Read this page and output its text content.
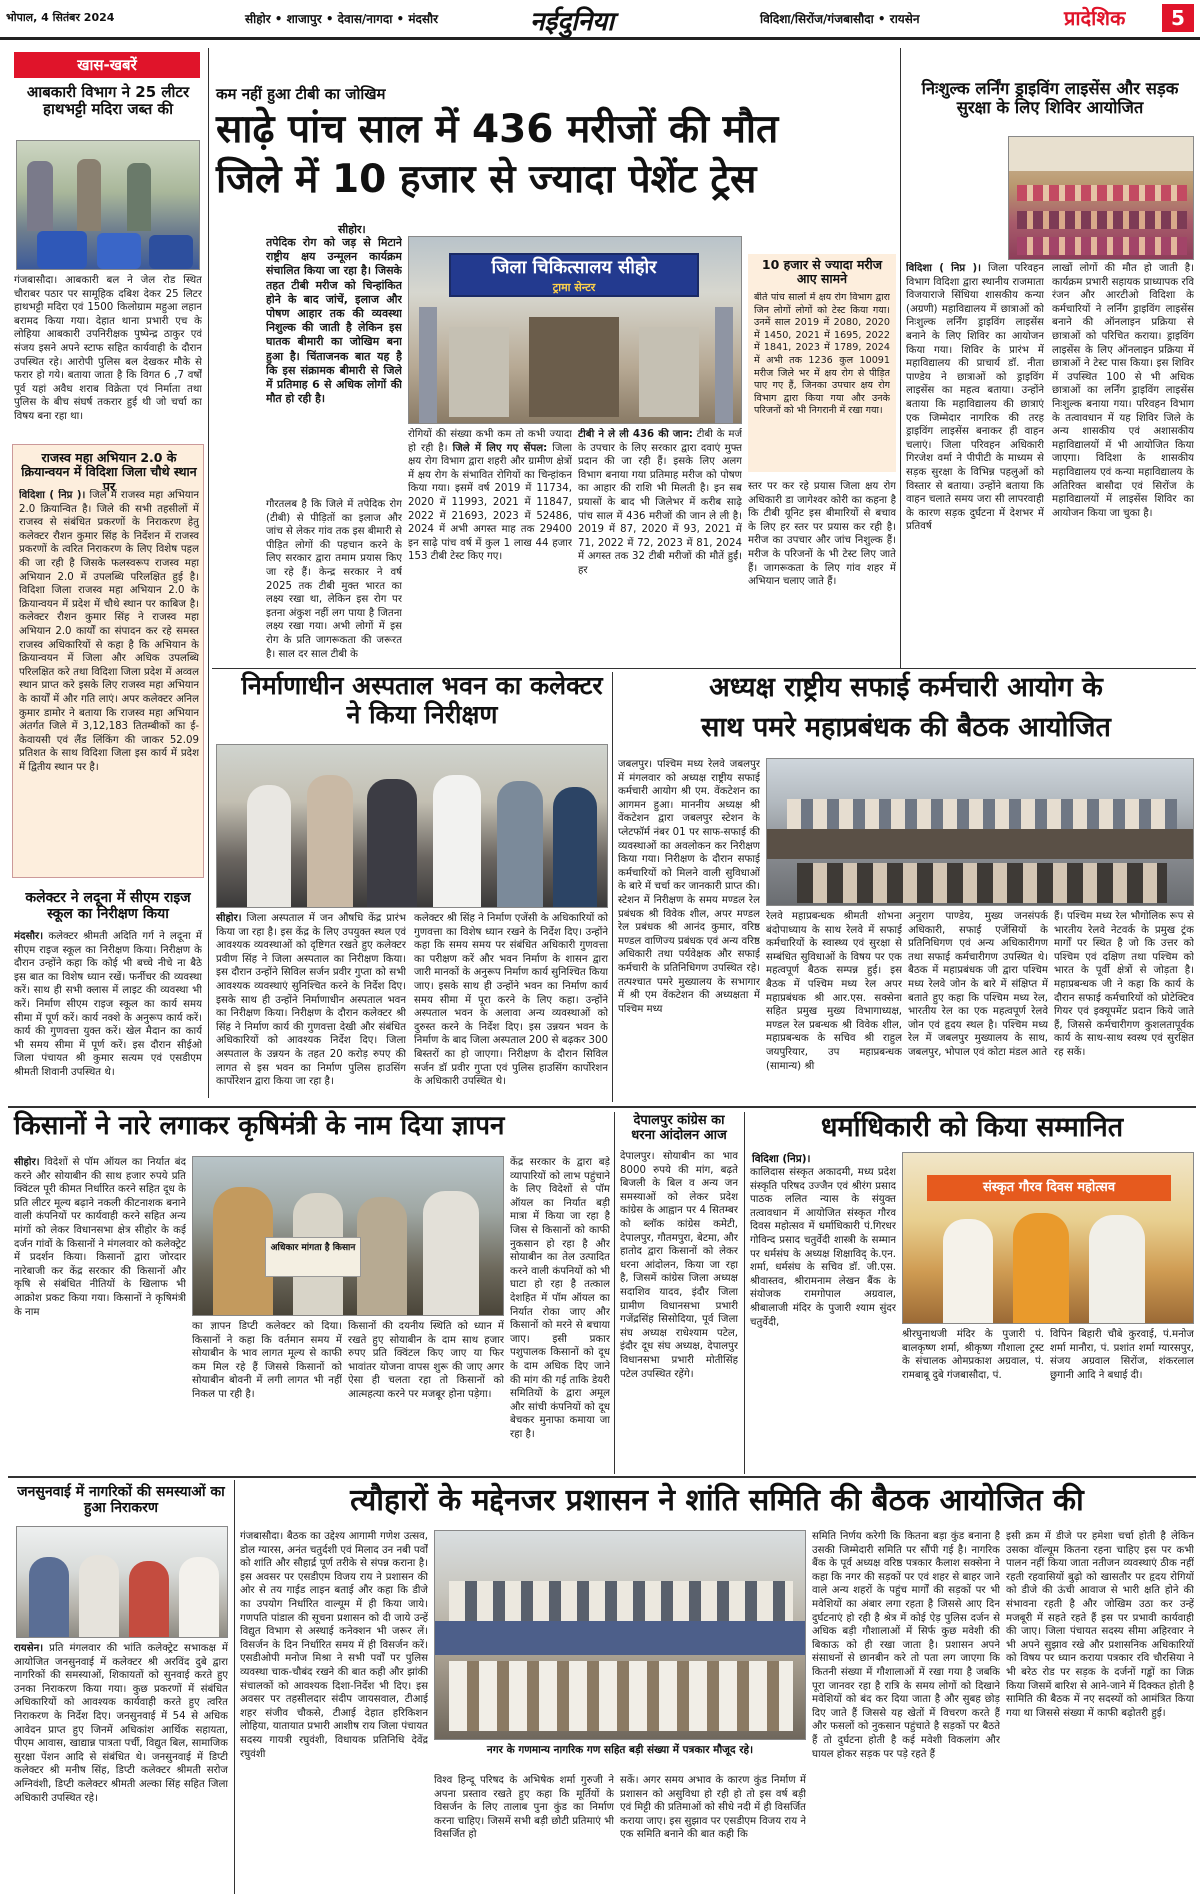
भोपाल, 4 सितंबर 2024	सीहोर • शाजापुर • देवास/नागदा • मंदसौर	नईदुनिया	विदिशा/सिरोंज/गंजबासौदा • रायसेन	प्रादेशिक	5
खास-खबरें
आबकारी विभाग ने 25 लीटर हाथभट्टी मदिरा जब्त की
गंजबासौदा। आबकारी बल ने जेल रोड स्थित चौराबर पठार पर सामूहिक दबिश देकर 25 लिटर हाथभट्टी मदिरा एवं 1500 किलोग्राम महुआ लहान बरामद किया गया। देहात थाना प्रभारी एच के लोहिया आबकारी उपनिरीक्षक पुष्पेन्द्र ठाकुर एवं संजय इसने अपने स्टाफ सहित कार्यवाही के दौरान उपस्थित रहे। आरोपी पुलिस बल देखकर मौके से फरार हो गये। बताया जाता है कि विगत 6 ,7 वर्षों पूर्व यहां अवैध शराब विक्रेता एवं निर्माता तथा पुलिस के बीच संघर्ष तकरार हुई थी जो चर्चा का विषय बना रहा था।
राजस्व महा अभियान 2.0 के क्रियान्वयन में विदिशा जिला चौथे स्थान पर
विदिशा ( निप्र )। जिले में राजस्व महा अभियान 2.0 क्रियान्वित है। जिले की सभी तहसीलों में राजस्व से संबंधित प्रकरणों के निराकरण हेतु कलेक्टर रौशन कुमार सिंह के निर्देशन में राजस्व प्रकरणों के त्वरित निराकरण के लिए विशेष पहल की जा रही है जिसके फलस्वरूप राजस्व महा अभियान 2.0 में उपलब्धि परिलक्षित हुई है। विदिशा जिला राजस्व महा अभियान 2.0 के क्रियान्वयन में प्रदेश में चौथे स्थान पर काबिज है। कलेक्टर रौशन कुमार सिंह ने राजस्व महा अभियान 2.0 कार्यों का संपादन कर रहे समस्त राजस्व अधिकारियों से कहा है कि अभियान के क्रियान्वयन में जिला और अधिक उपलब्धि परिलक्षित करे तथा विदिशा जिला प्रदेश में अव्वल स्थान प्राप्त करे इसके लिए राजस्व महा अभियान के कार्यों में और गति लाएं। अपर कलेक्टर अनिल कुमार डामोर ने बताया कि राजस्व महा अभियान अंतर्गत जिले में 3,12,183 तितम्बीकों का ई-केवायसी एवं लैंड लिंकिंग की जाकर 52.09 प्रतिशत के साथ विदिशा जिला इस कार्य में प्रदेश में द्वितीय स्थान पर है।
कलेक्टर ने लदूना में सीएम राइज स्कूल का निरीक्षण किया
मंदसौर। कलेक्टर श्रीमती अदिति गर्ग ने लदूना में सीएम राइज स्कूल का निरीक्षण किया। निरीक्षण के दौरान उन्होंने कहा कि कोई भी बच्चे नीचे ना बैठे इस बात का विशेष ध्यान रखें। फर्नीचर की व्यवस्था करें। साथ ही सभी क्लास में लाइट की व्यवस्था भी करें। निर्माण सीएम राइज स्कूल का कार्य समय सीमा में पूर्ण करें। कार्य नक्शे के अनुरूप कार्य करें। कार्य की गुणवत्ता युक्त करें। खेल मैदान का कार्य भी समय सीमा में पूर्ण करें। इस दौरान सीईओ जिला पंचायत श्री कुमार सत्यम एवं एसडीएम श्रीमती शिवानी उपस्थित थे।
कम नहीं हुआ टीबी का जोखिम
साढ़े पांच साल में 436 मरीजों की मौत
जिले में 10 हजार से ज्यादा पेशेंट ट्रेस
सीहोर।
तपेदिक रोग को जड़ से मिटाने राष्ट्रीय क्षय उन्मूलन कार्यक्रम संचालित किया जा रहा है। जिसके तहत टीबी मरीज को चिन्हांकित होने के बाद जांचें, इलाज और पोषण आहार तक की व्यवस्था निशुल्क की जाती है लेकिन इस घातक बीमारी का जोखिम बना हुआ है। चिंताजनक बात यह है कि इस संक्रामक बीमारी से जिले में प्रतिमाह 6 से अधिक लोगों की मौत हो रही है।
गौरतलब है कि जिले में तपेदिक रोग (टीबी) से पीड़ितों का इलाज और जांच से लेकर गांव तक इस बीमारी से पीड़ित लोगों की पहचान करने के लिए सरकार द्वारा तमाम प्रयास किए जा रहे हैं। केन्द्र सरकार ने वर्ष 2025 तक टीबी मुक्त भारत का लक्ष्य रखा था, लेकिन इस रोग पर इतना अंकुश नहीं लग पाया है जितना लक्ष्य रखा गया। अभी लोगों में इस रोग के प्रति जागरूकता की जरूरत है। साल दर साल टीबी के
जिला चिकित्सालय सीहोर
ट्रामा सेन्टर
रोगियों की संख्या कभी कम तो कभी ज्यादा हो रही है। जिले में लिए गए सेंपल: जिला क्षय रोग विभाग द्वारा शहरी और ग्रामीण क्षेत्रों में क्षय रोग के संभावित रोगियों का चिन्हांकन किया गया। इसमें वर्ष 2019 में 11734, 2020 में 11993, 2021 में 11847, 2022 में 21693, 2023 में 52486, 2024 में अभी अगस्त माह तक 29400 इन साढ़े पांच वर्ष में कुल 1 लाख 44 हजार 153 टीबी टेस्ट किए गए।
टीबी ने ले ली 436 की जान: टीबी के मर्ज के उपचार के लिए सरकार द्वारा दवाएं मुफ्त प्रदान की जा रही हैं। इसके लिए अलग विभाग बनाया गया प्रतिमाह मरीज को पोषण का आहार की राशि भी मिलती है। इन सब प्रयासों के बाद भी जिलेभर में करीब साढ़े पांच साल में 436 मरीजों की जान ले ली है। 2019 में 87, 2020 में 93, 2021 में 71, 2022 में 72, 2023 में 81, 2024 में अगस्त तक 32 टीबी मरीजों की मौतें हुईं। हर
10 हजार से ज्यादा मरीज आए सामने
बीते पांच सालों में क्षय रोग विभाग द्वारा जिन लोगों लोगों को टेस्ट किया गया। उनमें साल 2019 में 2080, 2020 में 1450, 2021 में 1695, 2022 में 1841, 2023 में 1789, 2024 में अभी तक 1236 कुल 10091 मरीज जिले भर में क्षय रोग से पीड़ित पाए गए हैं, जिनका उपचार क्षय रोग विभाग द्वारा किया गया और उनके परिजनों को भी निगरानी में रखा गया।
स्तर पर कर रहे प्रयास जिला क्षय रोग अधिकारी डा जागेश्वर कोरी का कहना है कि टीबी यूनिट इस बीमारियों से बचाव के लिए हर स्तर पर प्रयास कर रही है। मरीज का उपचार और जांच निशुल्क हैं। मरीज के परिजनों के भी टेस्ट लिए जाते हैं। जागरूकता के लिए गांव शहर में अभियान चलाए जाते हैं।
निःशुल्क लर्निंग ड्राइविंग लाइसेंस और सड़क सुरक्षा के लिए शिविर आयोजित
विदिशा ( निप्र )। जिला परिवहन विभाग विदिशा द्वारा स्थानीय राजमाता विजयाराजे सिंधिया शासकीय कन्या (अग्रणी) महाविद्यालय में छात्राओं को निःशुल्क लर्निंग ड्राइविंग लाइसेंस बनाने के लिए शिविर का आयोजन किया गया। शिविर के प्रारंभ में महाविद्यालय की प्राचार्य डॉ. नीता पाण्डेय ने छात्राओं को ड्राइविंग लाइसेंस का महत्व बताया। उन्होंने बताया कि महाविद्यालय की छात्राएं एक जिम्मेदार नागरिक की तरह ड्राइविंग लाइसेंस बनाकर ही वाहन चलाएं। जिला परिवहन अधिकारी गिरजेश वर्मा ने पीपीटी के माध्यम से सड़क सुरक्षा के विभिन्न पहलुओं को विस्तार से बताया। उन्होंने बताया कि वाहन चलाते समय जरा सी लापरवाही के कारण सड़क दुर्घटना में देशभर में प्रतिवर्ष
लाखों लोगों की मौत हो जाती है। कार्यक्रम प्रभारी सहायक प्राध्यापक रवि रंजन और आरटीओ विदिशा के कर्मचारियों ने लर्निंग ड्राइविंग लाइसेंस बनाने की ऑनलाइन प्रक्रिया से छात्राओं को परिचित कराया। ड्राइविंग लाइसेंस के लिए ऑनलाइन प्रक्रिया में छात्राओं ने टेस्ट पास किया। इस शिविर में उपस्थित 100 से भी अधिक छात्राओं का लर्निंग ड्राइविंग लाइसेंस निःशुल्क बनाया गया। परिवहन विभाग के तत्वावधान में यह शिविर जिले के अन्य शासकीय एवं अशासकीय महाविद्यालयों में भी आयोजित किया जाएगा। विदिशा के शासकीय महाविद्यालय एवं कन्या महाविद्यालय के अतिरिक्त बासौदा एवं सिरोंज के महाविद्यालयों में लाइसेंस शिविर का आयोजन किया जा चुका है।
निर्माणाधीन अस्पताल भवन का कलेक्टर ने किया निरीक्षण
सीहोर। जिला अस्पताल में जन औषधि केंद्र प्रारंभ किया जा रहा है। इस केंद्र के लिए उपयुक्त स्थल एवं आवश्यक व्यवस्थाओं को दृष्टिगत रखते हुए कलेक्टर प्रवीण सिंह ने जिला अस्पताल का निरीक्षण किया। इस दौरान उन्होंने सिविल सर्जन प्रवीर गुप्ता को सभी आवश्यक व्यवस्थाएं सुनिश्चित करने के निर्देश दिए। इसके साथ ही उन्होंने निर्माणाधीन अस्पताल भवन का निरीक्षण किया। निरीक्षण के दौरान कलेक्टर श्री सिंह ने निर्माण कार्य की गुणवत्ता देखी और संबंधित अधिकारियों को आवश्यक निर्देश दिए। जिला अस्पताल के उन्नयन के तहत 20 करोड़ रुपए की लागत से इस भवन का निर्माण पुलिस हाउसिंग कार्पोरेशन द्वारा किया जा रहा है।
कलेक्टर श्री सिंह ने निर्माण एजेंसी के अधिकारियों को गुणवत्ता का विशेष ध्यान रखने के निर्देश दिए। उन्होंने कहा कि समय समय पर संबंधित अधिकारी गुणवत्ता का परीक्षण करें और भवन निर्माण के शासन द्वारा जारी मानकों के अनुरूप निर्माण कार्य सुनिश्चित किया जाए। इसके साथ ही उन्होंने भवन का निर्माण कार्य समय सीमा में पूरा करने के लिए कहा। उन्होंने अस्पताल भवन के अलावा अन्य व्यवस्थाओं को दुरुस्त करने के निर्देश दिए। इस उन्नयन भवन के निर्माण के बाद जिला अस्पताल 200 से बढ़कर 300 बिस्तरों का हो जाएगा। निरीक्षण के दौरान सिविल सर्जन डॉ प्रवीर गुप्ता एवं पुलिस हाउसिंग कार्पोरेशन के अधिकारी उपस्थित थे।
अध्यक्ष राष्ट्रीय सफाई कर्मचारी आयोग के
साथ पमरे महाप्रबंधक की बैठक आयोजित
जबलपुर। पश्चिम मध्य रेलवे जबलपुर में मंगलवार को अध्यक्ष राष्ट्रीय सफाई कर्मचारी आयोग श्री एम. वेंकटेशन का आगमन हुआ। माननीय अध्यक्ष श्री वेंकटेशन द्वारा जबलपुर स्टेशन के प्लेटफॉर्म नंबर 01 पर साफ-सफाई की व्यवस्थाओं का अवलोकन कर निरीक्षण किया गया। निरीक्षण के दौरान सफाई कर्मचारियों को मिलने वाली सुविधाओं के बारे में चर्चा कर जानकारी प्राप्त की। स्टेशन में निरीक्षण के समय मण्डल रेल प्रबंधक श्री विवेक शील, अपर मण्डल रेल प्रबंधक श्री आनंद कुमार, वरिष्ठ मण्डल वाणिज्य प्रबंधक एवं अन्य वरिष्ठ अधिकारी तथा पर्यवेक्षक और सफाई कर्मचारी के प्रतिनिधिगण उपस्थित रहे। तत्पश्चात पमरे मुख्यालय के सभागार में श्री एम वेंकटेशन की अध्यक्षता में पश्चिम मध्य
रेलवे महाप्रबन्धक श्रीमती शोभना बंदोपाध्याय के साथ रेलवे में सफाई कर्मचारियों के स्वास्थ्य एवं सुरक्षा से सम्बंधित सुविधाओं के विषय पर एक महत्वपूर्ण बैठक सम्पन्न हुई। इस बैठक में पश्चिम मध्य रेल अपर महाप्रबंधक श्री आर.एस. सक्सेना सहित प्रमुख मुख्य विभागाध्यक्ष, मण्डल रेल प्रबन्धक श्री विवेक शील, महाप्रबन्धक के सचिव श्री राहुल जयपुरियार, उप महाप्रबन्धक (सामान्य) श्री
अनुराग पाण्डेय, मुख्य जनसंपर्क अधिकारी, सफाई एजेंसियों के प्रतिनिधिगण एवं अन्य अधिकारीगण तथा सफाई कर्मचारीगण उपस्थित थे। बैठक में महाप्रबंधक जी द्वारा पश्चिम मध्य रेलवे जोन के बारे में संक्षिप्त में बताते हुए कहा कि पश्चिम मध्य रेल, भारतीय रेल का एक महत्वपूर्ण रेलवे जोन एवं हृदय स्थल है। पश्चिम मध्य रेल में जबलपुर मुख्यालय के साथ, जबलपुर, भोपाल एवं कोटा मंडल आते
हैं। पश्चिम मध्य रेल भौगोलिक रूप से भारतीय रेलवे नेटवर्क के प्रमुख ट्रंक मार्गों पर स्थित है जो कि उत्तर को पश्चिम एवं दक्षिण तथा पश्चिम को भारत के पूर्वी क्षेत्रों से जोड़ता है। महाप्रबन्धक जी ने कहा कि कार्य के दौरान सफाई कर्मचारियों को प्रोटेक्टिव गियर एवं इक्यूपमेंट प्रदान किये जाते हैं, जिससे कर्मचारीगण कुशलतापूर्वक कार्य के साथ-साथ स्वस्थ एवं सुरक्षित रह सकें।
किसानों ने नारे लगाकर कृषिमंत्री के नाम दिया ज्ञापन
सीहोर। विदेशों से पॉम ऑयल का निर्यात बंद करने और सोयाबीन की साथ हजार रुपये प्रति क्विंटल पूरी कीमत निर्धारित करने सहित दूध के प्रति लीटर मूल्य बढ़ाने नकली कीटनाशक बनाने वाली कंपनियों पर कार्यवाही करने सहित अन्य मांगों को लेकर विधानसभा क्षेत्र सीहोर के कई दर्जन गांवों के किसानों ने मंगलवार को कलेक्ट्रेट में प्रदर्शन किया। किसानों द्वारा जोरदार नारेबाजी कर केंद्र सरकार की किसानों और कृषि से संबंधित नीतियों के खिलाफ भी आक्रोश प्रकट किया गया। किसानों ने कृषिमंत्री के नाम
अधिकार मांगता है किसान
का ज्ञापन डिप्टी कलेक्टर को दिया। किसानों ने कहा कि वर्तमान समय में सोयाबीन के भाव लागत मूल्य से काफी कम मिल रहे हैं जिससे किसानों को सोयाबीन बोवनी में लगी लागत भी नहीं निकल पा रही है।
किसानों की दयनीय स्थिति को ध्यान में रखते हुए सोयाबीन के दाम साथ हजार रुपए प्रति क्विंटल किए जाए या फिर भावांतर योजना वापस शुरू की जाए अगर ऐसा ही चलता रहा तो किसानों को आत्महत्या करने पर मजबूर होना पड़ेगा।
केंद्र सरकार के द्वारा बड़े व्यापारियों को लाभ पहुंचाने के लिए विदेशों से पॉम ऑयल का निर्यात बड़ी मात्रा में किया जा रहा है जिस से किसानों को काफी नुकसान हो रहा है और सोयाबीन का तेल उत्पादित करने वाली कंपनियों को भी घाटा हो रहा है तत्काल देशहित में पॉम ऑयल का निर्यात रोका जाए और किसानों को मरने से बचाया जाए। इसी प्रकार पशुपालक किसानों को दूध के दाम अधिक दिए जाने की मांग की गई ताकि डेयरी समितियों के द्वारा अमूल और सांची कंपनियों को दूध बेचकर मुनाफा कमाया जा रहा है।
देपालपुर कांग्रेस का धरना आंदोलन आज
देपालपुर। सोयाबीन का भाव 8000 रुपये की मांग, बढ़ते बिजली के बिल व अन्य जन समस्याओं को लेकर प्रदेश कांग्रेस के आह्वान पर 4 सितम्बर को ब्लॉक कांग्रेस कमेटी, देपालपुर, गौतमपुरा, बेटमा, और हातोद द्वारा किसानों को लेकर धरना आंदोलन, किया जा रहा है, जिसमें कांग्रेस जिला अध्यक्ष सदाशिव यादव, इंदौर जिला ग्रामीण विधानसभा प्रभारी गजेंद्रसिंह सिसोदिया, पूर्व जिला संघ अध्यक्ष राधेश्याम पटेल, इंदौर दूध संघ अध्यक्ष, देपालपुर विधानसभा प्रभारी मोतीसिंह पटेल उपस्थित रहेंगे।
धर्माधिकारी को किया सम्मानित
विदिशा (निप्र)।
कालिदास संस्कृत अकादमी, मध्य प्रदेश संस्कृति परिषद उज्जैन एवं श्रीरंग प्रसाद पाठक ललित न्यास के संयुक्त तत्वावधान में आयोजित संस्कृत गौरव दिवस महोत्सव में धर्माधिकारी पं.गिरधर गोविन्द प्रसाद चतुर्वेदी शास्त्री के सम्मान पर धर्मसंघ के अध्यक्ष शिक्षाविद् के.एन. शर्मा, धर्मसंघ के सचिव डॉ. जी.एस. श्रीवास्तव, श्रीरामनाम लेखन बैंक के संयोजक रामगोपाल अग्रवाल, श्रीबालाजी मंदिर के पुजारी श्याम सुंदर चतुर्वेदी,
संस्कृत गौरव दिवस महोत्सव
श्रीरघुनाथजी मंदिर के पुजारी पं. बालकृष्ण शर्मा, श्रीकृष्ण गौशाला ट्रस्ट के संचालक ओमप्रकाश अग्रवाल, पं. रामबाबू दुबे गंजबासौदा, पं.
विपिन बिहारी चौबे कुरवाई, पं.मनोज शर्मा मानौरा, पं. प्रशांत शर्मा ग्यारसपुर, संजय अग्रवाल सिरोंज, शंकरलाल छुगानी आदि ने बधाई दी।
जनसुनवाई में नागरिकों की समस्याओं का हुआ निराकरण
रायसेन। प्रति मंगलवार की भांति कलेक्ट्रेट सभाकक्ष में आयोजित जनसुनवाई में कलेक्टर श्री अरविंद दुबे द्वारा नागरिकों की समस्याओं, शिकायतों को सुनवाई करते हुए उनका निराकरण किया गया। कुछ प्रकरणों में संबंधित अधिकारियों को आवश्यक कार्यवाही करते हुए त्वरित निराकरण के निर्देश दिए। जनसुनवाई में 54 से अधिक आवेदन प्राप्त हुए जिनमें अधिकांश आर्थिक सहायता, पीएम आवास, खाद्यान्न पात्रता पर्ची, विद्युत बिल, सामाजिक सुरक्षा पेंशन आदि से संबंधित थे। जनसुनवाई में डिप्टी कलेक्टर श्री मनीष सिंह, डिप्टी कलेक्टर श्रीमती सरोज अग्निवंशी, डिप्टी कलेक्टर श्रीमती अल्का सिंह सहित जिला अधिकारी उपस्थित रहे।
त्यौहारों के मद्देनजर प्रशासन ने शांति समिति की बैठक आयोजित की
गंजबासौदा। बैठक का उद्देश्य आगामी गणेश उत्सव, डोल ग्यारस, अनंत चतुर्दशी एवं मिलाद उन नबी पर्वों को शांति और सौहार्द्र पूर्ण तरीके से संपन्न कराना है। इस अवसर पर एसडीएम विजय राय ने प्रशासन की ओर से तय गाईड लाइन बताई और कहा कि डीजे का उपयोग निर्धारित वाल्यूम में ही किया जाये। गणपति पांडाल की सूचना प्रशासन को दी जाये उन्हें विद्युत विभाग से अस्थाई कनेक्शन भी जरूर लें। विसर्जन के दिन निर्धारित समय में ही विसर्जन करें। एसडीओपी मनोज मिश्रा ने सभी पर्वों पर पुलिस व्यवस्था चाक-चौबंद रखने की बात कही और झांकी संचालकों को आवश्यक दिशा-निर्देश भी दिए। इस अवसर पर तहसीलदार संदीप जायसवाल, टीआई शहर संजीव चौकसे, टीआई देहात हरिकिशन लोहिया, यातायात प्रभारी आशीष राय जिला पंचायत सदस्य गायत्री रघुवंशी, विधायक प्रतिनिधि देवेंद्र रघुवंशी	नगर के गणमान्य नागरिक गण सहित बड़ी संख्या में पत्रकार मौजूद रहे।
विश्व हिन्दू परिषद के अभिषेक शर्मा गुरुजी ने अपना प्रस्ताव रखते हुए कहा कि मूर्तियों के विसर्जन के लिए तालाब पुना कुंड का निर्माण करना चाहिए। जिसमें सभी बड़ी छोटी प्रतिमाएं भी विसर्जित हो
सकें। अगर समय अभाव के कारण कुंड निर्माण में प्रशासन को असुविधा हो रही हो तो इस वर्ष बड़ी एवं मिट्टी की प्रतिमाओं को सीधे नदी में ही विसर्जित कराया जाए। इस सुझाव पर एसडीएम विजय राय ने एक समिति बनाने की बात कही कि
समिति निर्णय करेगी कि कितना बड़ा कुंड बनाना है उसकी जिम्मेदारी समिति पर सौंपी गई है। नागरिक बैंक के पूर्व अध्यक्ष वरिष्ठ पत्रकार कैलाश सक्सेना ने कहा कि नगर की सड़कों पर एवं शहर से बाहर जाने वाले अन्य शहरों के पहुंच मार्गों की सड़कों पर भी मवेशियों का अंबार लगा रहता है जिससे आए दिन दुर्घटनाएं हो रही है श्रेत्र में कोई ऐड़ पुलिस दर्जन से अधिक बड़ी गौशालाओं में सिर्फ कुछ मवेशी की बिकाऊ को ही रखा जाता है। प्रशासन अपने संसाधनों से छानबीन करे तो पता लग जाएगा कि कितनी संख्या में गौशालाओं में रखा गया है जबकि पूरा जानवर रहा है रात्रि के समय लोगों को दिखाने मवेशियों को बंद कर दिया जाता है और सुबह छोड़ दिए जाते हैं जिससे यह खेतों में विचरण करते हैं और फसलों को नुकसान पहुंचाते है सड़कों पर बैठते हैं तो दुर्घटना होती है कई मवेशी विकलांग और घायल होकर सड़क पर पड़े रहते हैं
इसी क्रम में डीजे पर हमेशा चर्चा होती है लेकिन उसका वॉल्यूम कितना रहना चाहिए इस पर कभी पालन नहीं किया जाता नतीजन व्यवस्थाएं ठीक नहीं रहती रहवासियों बुढ़ो को खासतौर पर हृदय रोगियों को डीजे की ऊंची आवाज से भारी क्षति होने की संभावना रहती है और जोखिम उठा कर उन्हें मजबूरी में सहते रहते हैं इस पर प्रभावी कार्यवाही की जाए। जिला पंचायत सदस्य सीमा अहिरवार ने भी अपने सुझाव रखे और प्रशासनिक अधिकारियों को विषय पर ध्यान कराया पत्रकार रवि चौरसिया ने भी बरेठ रोड पर सड़क के दर्जनों गड्ढों का जिक्र किया जिसमें बारिश से आने-जाने में दिक्कत होती है सामिति की बैठक में नए सदस्यों को आमंत्रित किया गया था जिससे संख्या में काफी बढ़ोतरी हुई।
